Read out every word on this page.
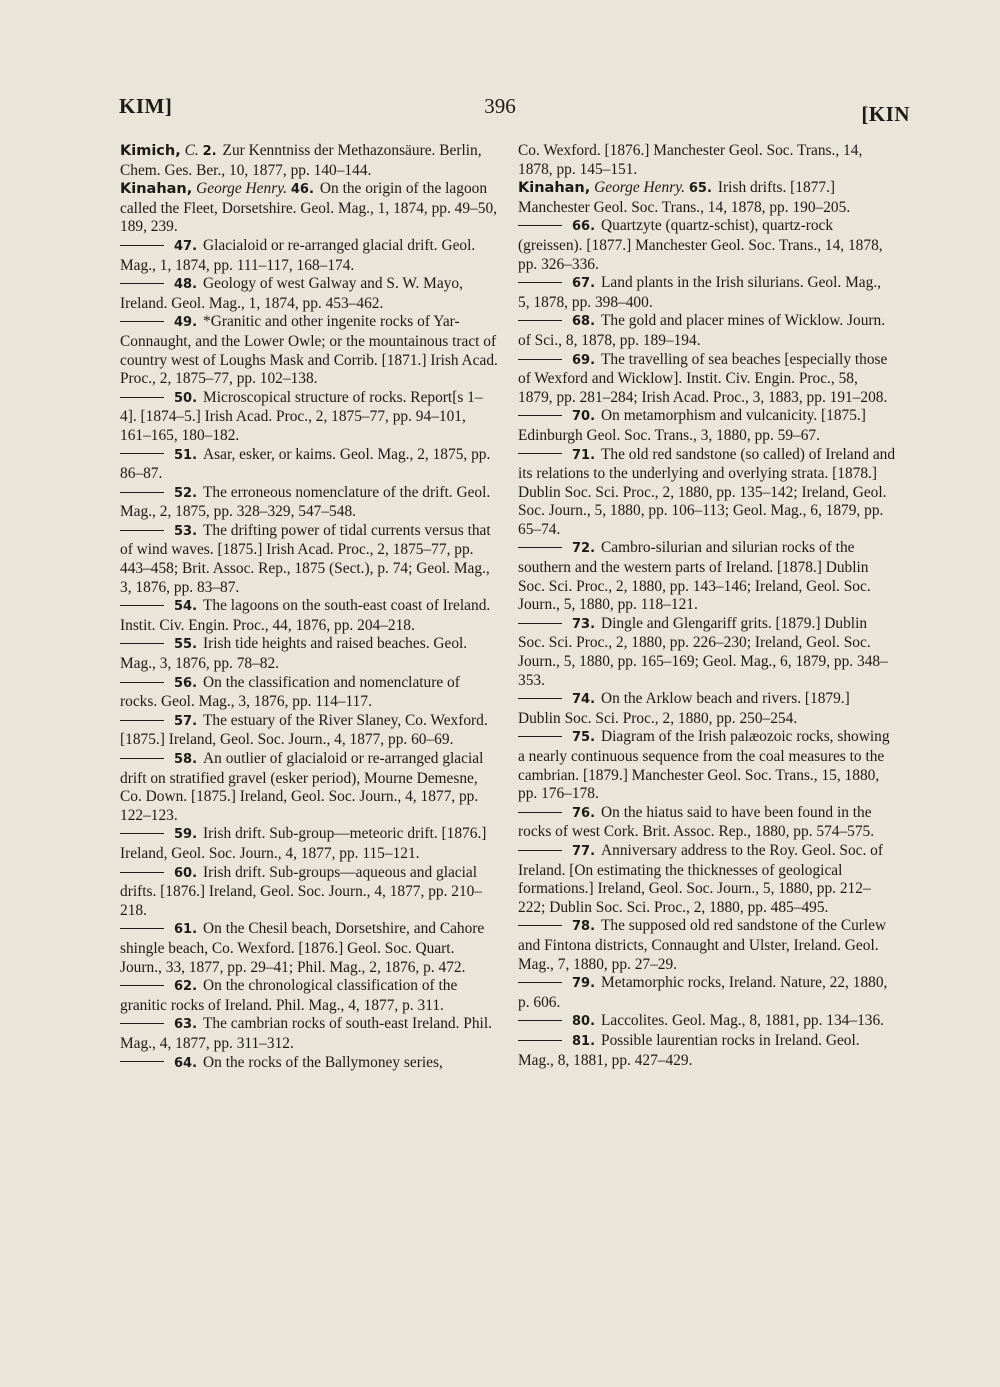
KIM]	396	[KIN

Kimich, C. 2. Zur Kenntniss der Methazonsäure. Berlin, Chem. Ges. Ber., 10, 1877, pp. 140–144.

Kinahan, George Henry. 46. On the origin of the lagoon called the Fleet, Dorsetshire. Geol. Mag., 1, 1874, pp. 49–50, 189, 239.

47. Glacialoid or re-arranged glacial drift. Geol. Mag., 1, 1874, pp. 111–117, 168–174.

48. Geology of west Galway and S. W. Mayo, Ireland. Geol. Mag., 1, 1874, pp. 453–462.

49. *Granitic and other ingenite rocks of Yar-Connaught, and the Lower Owle; or the mountainous tract of country west of Loughs Mask and Corrib. [1871.] Irish Acad. Proc., 2, 1875–77, pp. 102–138.

50. Microscopical structure of rocks. Report[s 1–4]. [1874–5.] Irish Acad. Proc., 2, 1875–77, pp. 94–101, 161–165, 180–182.

51. Asar, esker, or kaims. Geol. Mag., 2, 1875, pp. 86–87.

52. The erroneous nomenclature of the drift. Geol. Mag., 2, 1875, pp. 328–329, 547–548.

53. The drifting power of tidal currents versus that of wind waves. [1875.] Irish Acad. Proc., 2, 1875–77, pp. 443–458; Brit. Assoc. Rep., 1875 (Sect.), p. 74; Geol. Mag., 3, 1876, pp. 83–87.

54. The lagoons on the south-east coast of Ireland. Instit. Civ. Engin. Proc., 44, 1876, pp. 204–218.

55. Irish tide heights and raised beaches. Geol. Mag., 3, 1876, pp. 78–82.

56. On the classification and nomenclature of rocks. Geol. Mag., 3, 1876, pp. 114–117.

57. The estuary of the River Slaney, Co. Wexford. [1875.] Ireland, Geol. Soc. Journ., 4, 1877, pp. 60–69.

58. An outlier of glacialoid or re-arranged glacial drift on stratified gravel (esker period), Mourne Demesne, Co. Down. [1875.] Ireland, Geol. Soc. Journ., 4, 1877, pp. 122–123.

59. Irish drift. Sub-group—meteoric drift. [1876.] Ireland, Geol. Soc. Journ., 4, 1877, pp. 115–121.

60. Irish drift. Sub-groups—aqueous and glacial drifts. [1876.] Ireland, Geol. Soc. Journ., 4, 1877, pp. 210–218.

61. On the Chesil beach, Dorsetshire, and Cahore shingle beach, Co. Wexford. [1876.] Geol. Soc. Quart. Journ., 33, 1877, pp. 29–41; Phil. Mag., 2, 1876, p. 472.

62. On the chronological classification of the granitic rocks of Ireland. Phil. Mag., 4, 1877, p. 311.

63. The cambrian rocks of south-east Ireland. Phil. Mag., 4, 1877, pp. 311–312.

64. On the rocks of the Ballymoney series,

Co. Wexford. [1876.] Manchester Geol. Soc. Trans., 14, 1878, pp. 145–151.

Kinahan, George Henry. 65. Irish drifts. [1877.] Manchester Geol. Soc. Trans., 14, 1878, pp. 190–205.

66. Quartzyte (quartz-schist), quartz-rock (greissen). [1877.] Manchester Geol. Soc. Trans., 14, 1878, pp. 326–336.

67. Land plants in the Irish silurians. Geol. Mag., 5, 1878, pp. 398–400.

68. The gold and placer mines of Wicklow. Journ. of Sci., 8, 1878, pp. 189–194.

69. The travelling of sea beaches [especially those of Wexford and Wicklow]. Instit. Civ. Engin. Proc., 58, 1879, pp. 281–284; Irish Acad. Proc., 3, 1883, pp. 191–208.

70. On metamorphism and vulcanicity. [1875.] Edinburgh Geol. Soc. Trans., 3, 1880, pp. 59–67.

71. The old red sandstone (so called) of Ireland and its relations to the underlying and overlying strata. [1878.] Dublin Soc. Sci. Proc., 2, 1880, pp. 135–142; Ireland, Geol. Soc. Journ., 5, 1880, pp. 106–113; Geol. Mag., 6, 1879, pp. 65–74.

72. Cambro-silurian and silurian rocks of the southern and the western parts of Ireland. [1878.] Dublin Soc. Sci. Proc., 2, 1880, pp. 143–146; Ireland, Geol. Soc. Journ., 5, 1880, pp. 118–121.

73. Dingle and Glengariff grits. [1879.] Dublin Soc. Sci. Proc., 2, 1880, pp. 226–230; Ireland, Geol. Soc. Journ., 5, 1880, pp. 165–169; Geol. Mag., 6, 1879, pp. 348–353.

74. On the Arklow beach and rivers. [1879.] Dublin Soc. Sci. Proc., 2, 1880, pp. 250–254.

75. Diagram of the Irish palæozoic rocks, showing a nearly continuous sequence from the coal measures to the cambrian. [1879.] Manchester Geol. Soc. Trans., 15, 1880, pp. 176–178.

76. On the hiatus said to have been found in the rocks of west Cork. Brit. Assoc. Rep., 1880, pp. 574–575.

77. Anniversary address to the Roy. Geol. Soc. of Ireland. [On estimating the thicknesses of geological formations.] Ireland, Geol. Soc. Journ., 5, 1880, pp. 212–222; Dublin Soc. Sci. Proc., 2, 1880, pp. 485–495.

78. The supposed old red sandstone of the Curlew and Fintona districts, Connaught and Ulster, Ireland. Geol. Mag., 7, 1880, pp. 27–29.

79. Metamorphic rocks, Ireland. Nature, 22, 1880, p. 606.

80. Laccolites. Geol. Mag., 8, 1881, pp. 134–136.

81. Possible laurentian rocks in Ireland. Geol. Mag., 8, 1881, pp. 427–429.
